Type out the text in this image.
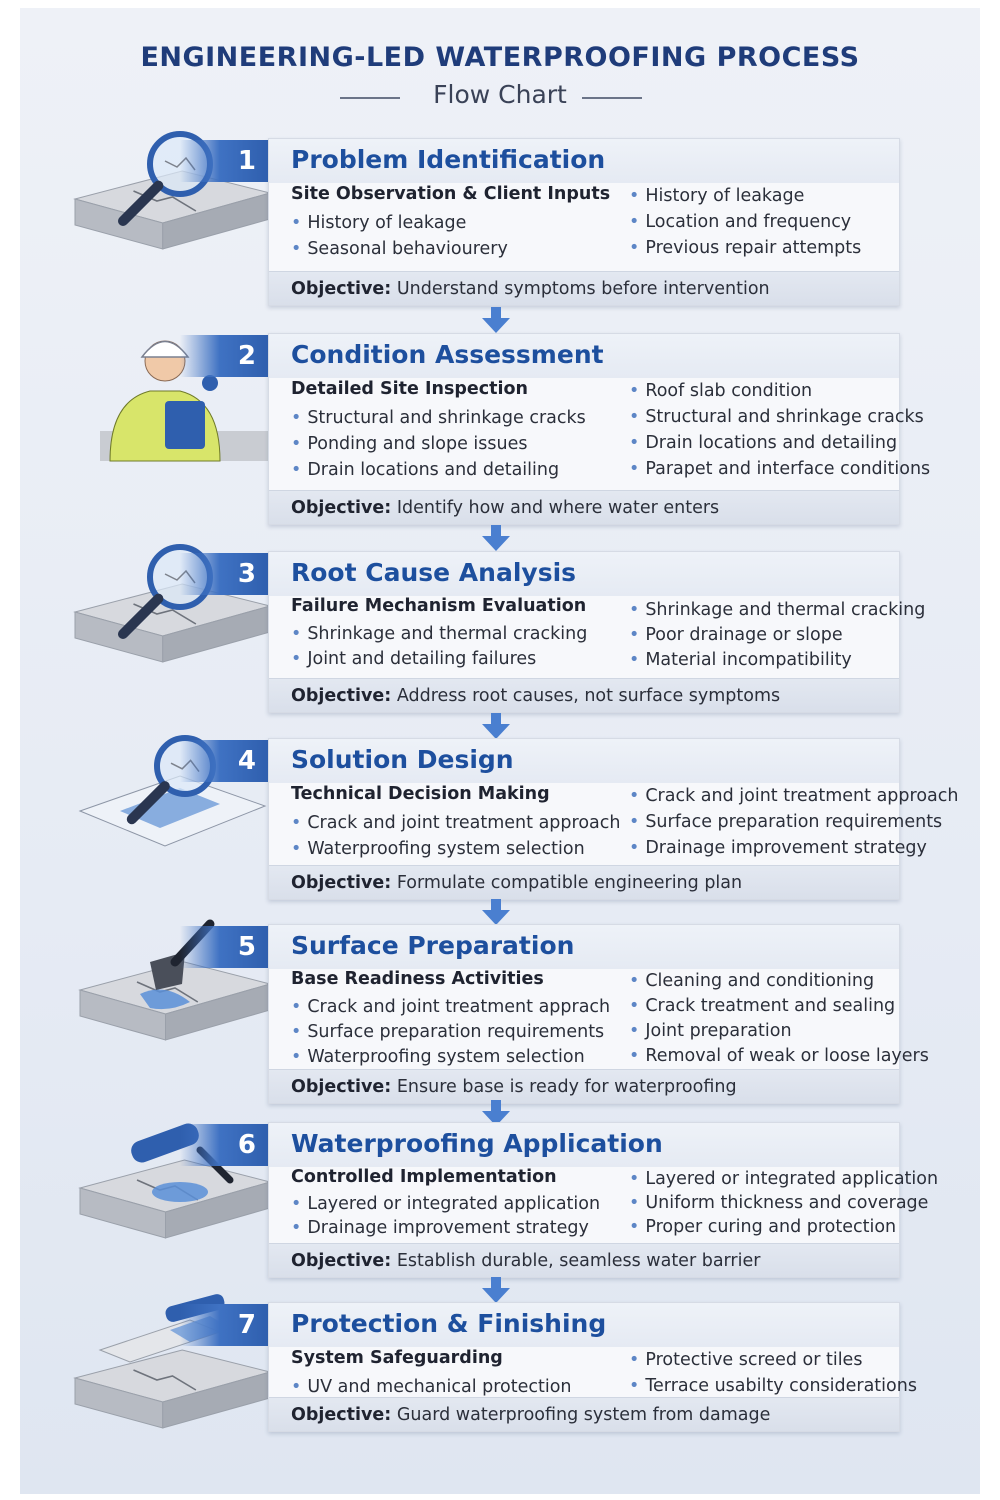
ENGINEERING-LED WATERPROOFING PROCESS
Flow Chart
Problem Identification
Site Observation & Client Inputs
• History of leakage
• Seasonal behaviourery
• History of leakage
• Location and frequency
• Previous repair attempts
Objective: Understand symptoms before intervention
1
Condition Assessment
Detailed Site Inspection
• Structural and shrinkage cracks
• Ponding and slope issues
• Drain locations and detailing
• Roof slab condition
• Structural and shrinkage cracks
• Drain locations and detailing
• Parapet and interface conditions
Objective: Identify how and where water enters
2
Root Cause Analysis
Failure Mechanism Evaluation
• Shrinkage and thermal cracking
• Joint and detailing failures
• Shrinkage and thermal cracking
• Poor drainage or slope
• Material incompatibility
Objective: Address root causes, not surface symptoms
3
Solution Design
Technical Decision Making
• Crack and joint treatment approach
• Waterproofing system selection
• Crack and joint treatment approach
• Surface preparation requirements
• Drainage improvement strategy
Objective: Formulate compatible engineering plan
4
Surface Preparation
Base Readiness Activities
• Crack and joint treatment apprach
• Surface preparation requirements
• Waterproofing system selection
• Cleaning and conditioning
• Crack treatment and sealing
• Joint preparation
• Removal of weak or loose layers
Objective: Ensure base is ready for waterproofing
5
Waterproofing Application
Controlled Implementation
• Layered or integrated application
• Drainage improvement strategy
• Layered or integrated application
• Uniform thickness and coverage
• Proper curing and protection
Objective: Establish durable, seamless water barrier
6
Protection & Finishing
System Safeguarding
• UV and mechanical protection
• Protective screed or tiles
• Terrace usabilty considerations
Objective: Guard waterproofing system from damage
7
